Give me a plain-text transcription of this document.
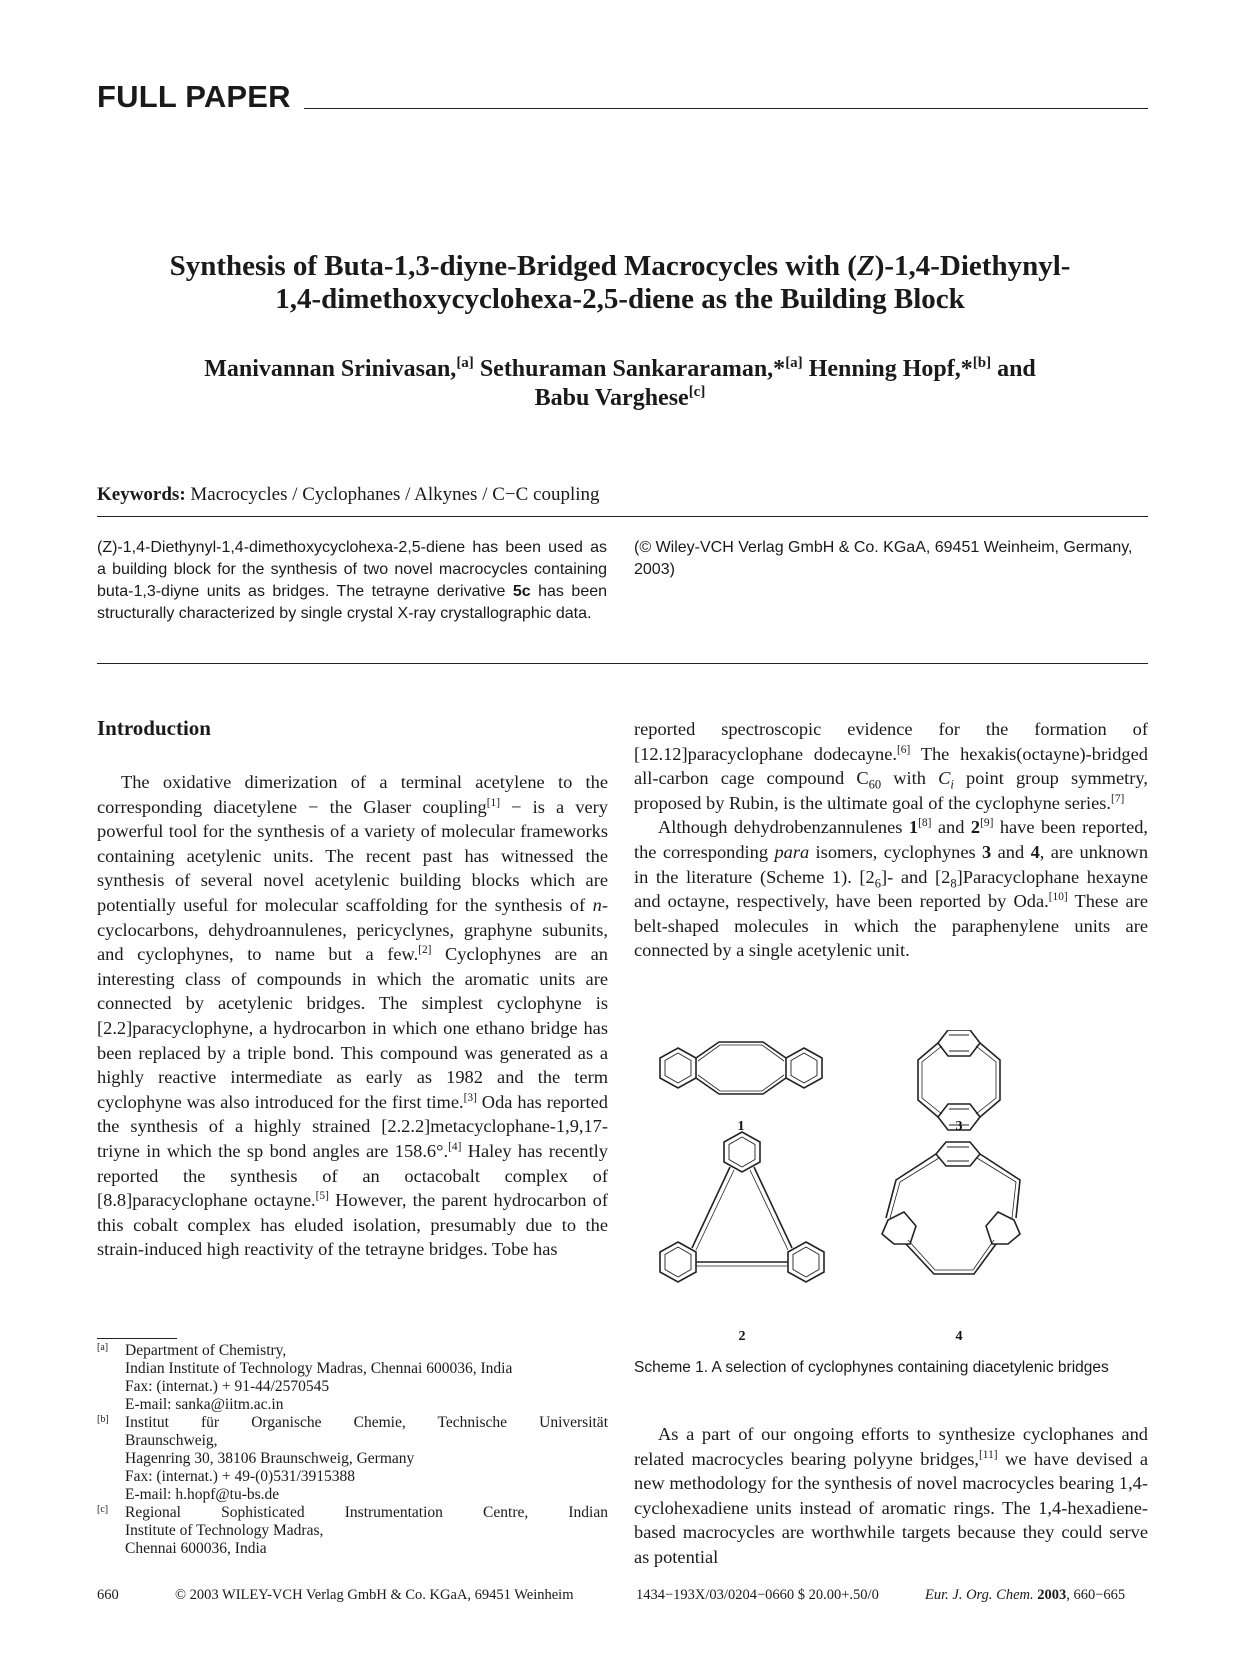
FULL PAPER
Synthesis of Buta-1,3-diyne-Bridged Macrocycles with (Z)-1,4-Diethynyl-
1,4-dimethoxycyclohexa-2,5-diene as the Building Block
Manivannan Srinivasan,[a] Sethuraman Sankararaman,*[a] Henning Hopf,*[b] and
Babu Varghese[c]
Keywords: Macrocycles / Cyclophanes / Alkynes / C−C coupling
(Z)-1,4-Diethynyl-1,4-dimethoxycyclohexa-2,5-diene has been used as a building block for the synthesis of two novel macrocycles containing buta-1,3-diyne units as bridges. The tetrayne derivative 5c has been structurally characterized by single crystal X-ray crystallographic data.
(© Wiley-VCH Verlag GmbH & Co. KGaA, 69451 Weinheim, Germany, 2003)
Introduction

The oxidative dimerization of a terminal acetylene to the corresponding diacetylene − the Glaser coupling[1] − is a very powerful tool for the synthesis of a variety of molecular frameworks containing acetylenic units. The recent past has witnessed the synthesis of several novel acetylenic building blocks which are potentially useful for molecular scaffolding for the synthesis of n-cyclocarbons, dehydroannulenes, pericyclynes, graphyne subunits, and cyclophynes, to name but a few.[2] Cyclophynes are an interesting class of compounds in which the aromatic units are connected by acetylenic bridges. The simplest cyclophyne is [2.2]paracyclophyne, a hydrocarbon in which one ethano bridge has been replaced by a triple bond. This compound was generated as a highly reactive intermediate as early as 1982 and the term cyclophyne was also introduced for the first time.[3] Oda has reported the synthesis of a highly strained [2.2.2]metacyclophane-1,9,17-triyne in which the sp bond angles are 158.6°.[4] Haley has recently reported the synthesis of an octacobalt complex of [8.8]paracyclophane octayne.[5] However, the parent hydrocarbon of this cobalt complex has eluded isolation, presumably due to the strain-induced high reactivity of the tetrayne bridges. Tobe has

reported spectroscopic evidence for the formation of [12.12]paracyclophane dodecayne.[6] The hexakis(octayne)-bridged all-carbon cage compound $C_{60}$ with $C_i$ point group symmetry, proposed by Rubin, is the ultimate goal of the cyclophyne series.[7]

Although dehydrobenzannulenes 1[8] and 2[9] have been reported, the corresponding para isomers, cyclophynes 3 and 4, are unknown in the literature (Scheme 1). $[2_6]-$ and $[2_8]Paracyclophane$ hexayne and octayne, respectively, have been reported by Oda.[10] These are belt-shaped molecules in which the paraphenylene units are connected by a single acetylenic unit.

1	3
2	4
Scheme 1. A selection of cyclophynes containing diacetylenic bridges

As a part of our ongoing efforts to synthesize cyclophanes and related macrocycles bearing polyyne bridges,[11] we have devised a new methodology for the synthesis of novel macrocycles bearing 1,4-cyclohexadiene units instead of aromatic rings. The 1,4-hexadiene-based macrocycles are worthwhile targets because they could serve as potential

[a] Department of Chemistry,
Indian Institute of Technology Madras, Chennai 600036, India
Fax: (internat.) + 91-44/2570545
E-mail: sanka@iitm.ac.in
[b] Institut für Organische Chemie, Technische Universität
Braunschweig,
Hagenring 30, 38106 Braunschweig, Germany
Fax: (internat.) + 49-(0)531/3915388
E-mail: h.hopf@tu-bs.de
[c] Regional Sophisticated Instrumentation Centre, Indian
Institute of Technology Madras,
Chennai 600036, India
660	© 2003 WILEY-VCH Verlag GmbH & Co. KGaA, 69451 Weinheim	1434−193X/03/0204−0660 $ 20.00+.50/0	Eur. J. Org. Chem. 2003 , 660−665
